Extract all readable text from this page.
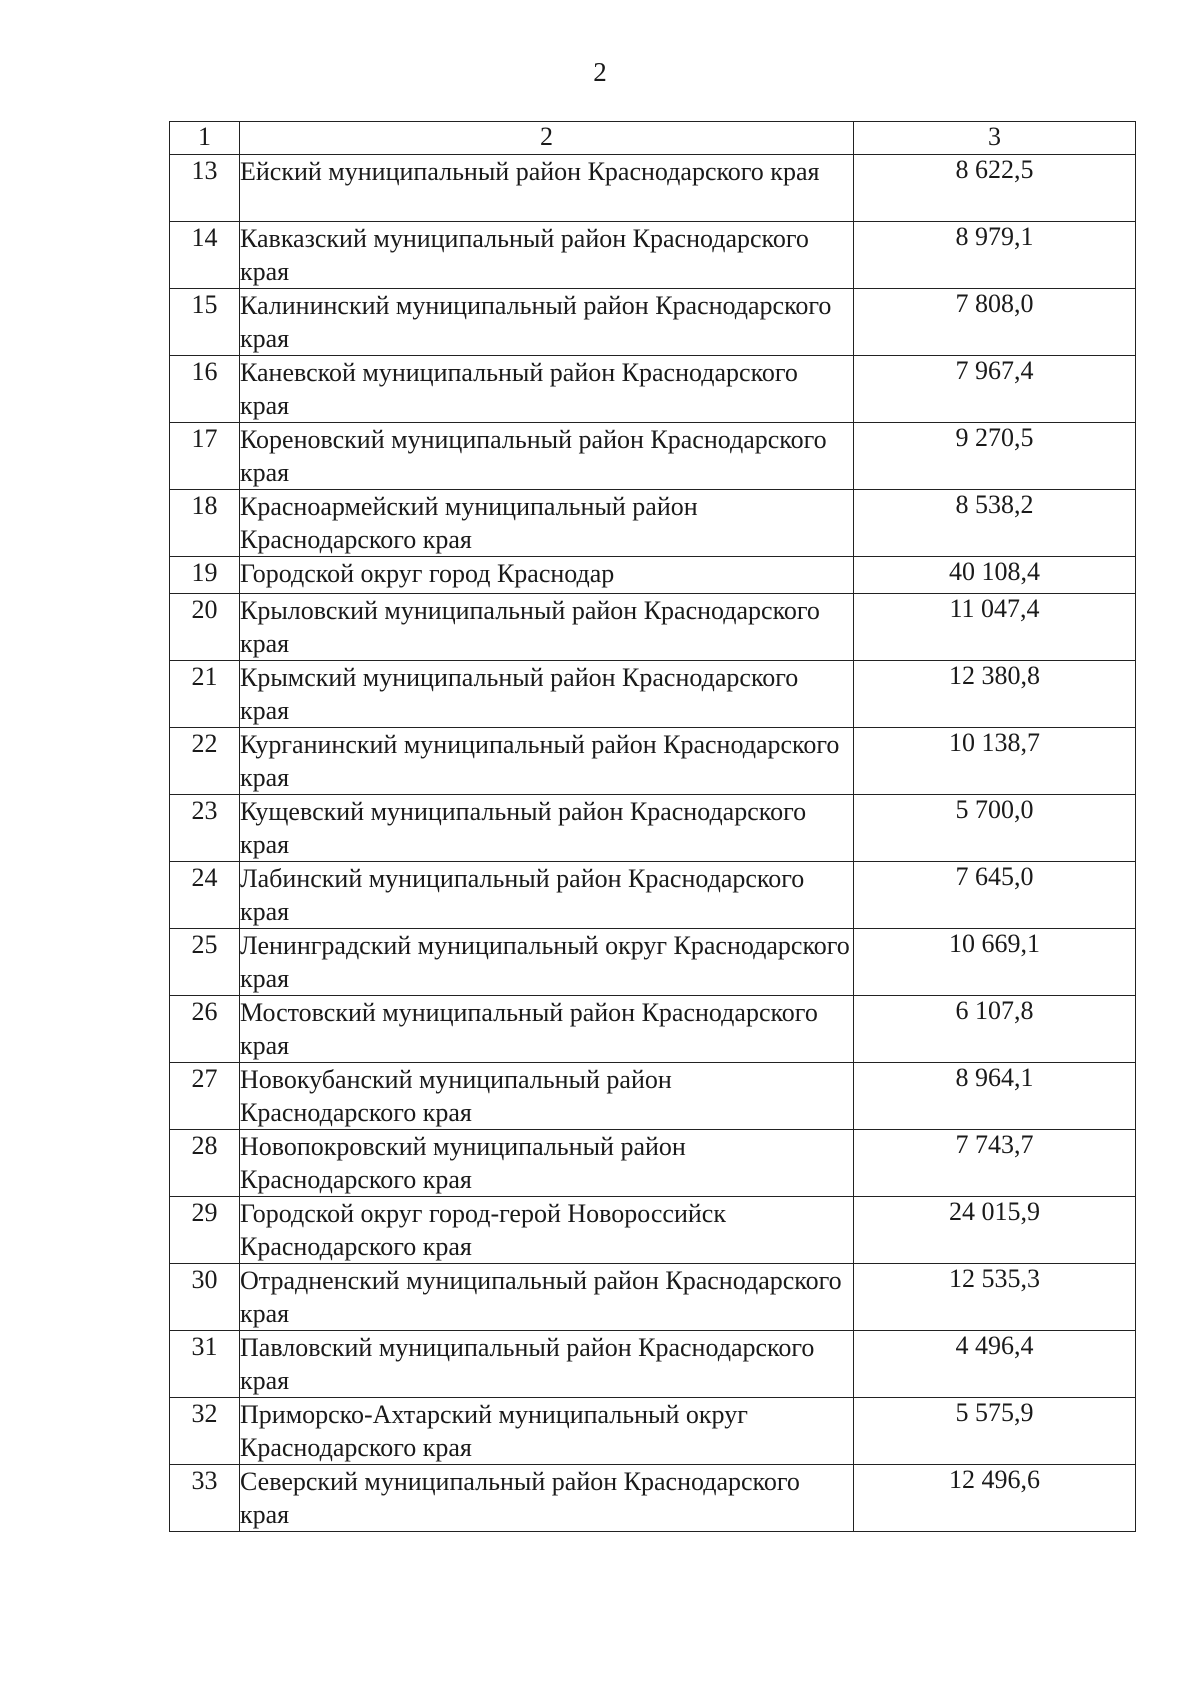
2
1	2	3
13	Ейский муниципальный район Краснодарского края	8 622,5
14	Кавказский муниципальный район Краснодарского края	8 979,1
15	Калининский муниципальный район Краснодарского края	7 808,0
16	Каневской муниципальный район Краснодарского края	7 967,4
17	Кореновский муниципальный район Краснодарского края	9 270,5
18	Красноармейский муниципальный район Краснодарского края	8 538,2
19	Городской округ город Краснодар	40 108,4
20	Крыловский муниципальный район Краснодарского края	11 047,4
21	Крымский муниципальный район Краснодарского края	12 380,8
22	Курганинский муниципальный район Краснодарского края	10 138,7
23	Кущевский муниципальный район Краснодарского края	5 700,0
24	Лабинский муниципальный район Краснодарского края	7 645,0
25	Ленинградский муниципальный округ Краснодарского края	10 669,1
26	Мостовский муниципальный район Краснодарского края	6 107,8
27	Новокубанский муниципальный район Краснодарского края	8 964,1
28	Новопокровский муниципальный район Краснодарского края	7 743,7
29	Городской округ город-герой Новороссийск Краснодарского края	24 015,9
30	Отрадненский муниципальный район Краснодарского края	12 535,3
31	Павловский муниципальный район Краснодарского края	4 496,4
32	Приморско-Ахтарский муниципальный округ Краснодарского края	5 575,9
33	Северский муниципальный район Краснодарского края	12 496,6
